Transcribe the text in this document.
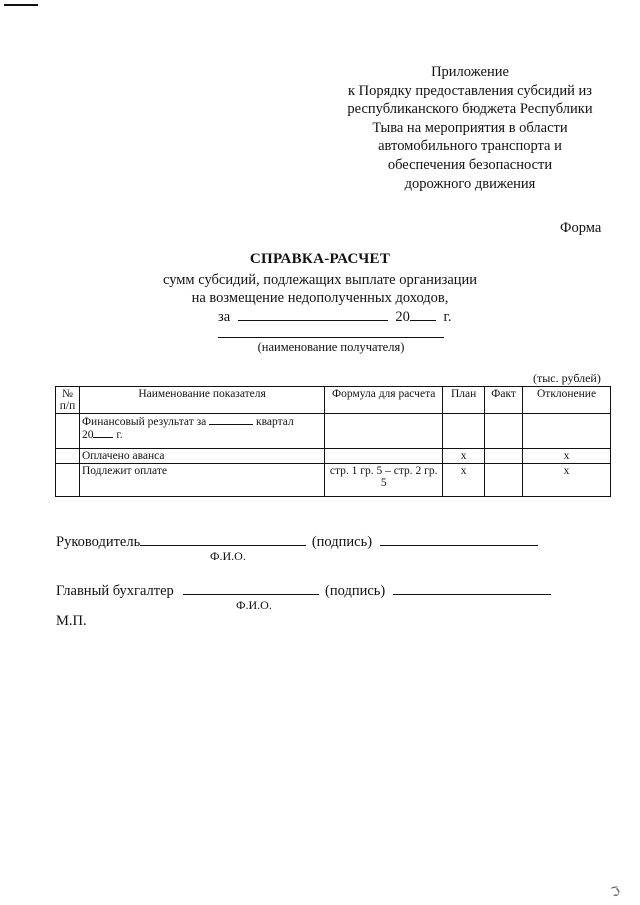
Приложение
к Порядку предоставления субсидий из
республиканского бюджета Республики
Тыва на мероприятия в области
автомобильного транспорта и
обеспечения безопасности
дорожного движения
Форма
СПРАВКА-РАСЧЕТ
сумм субсидий, подлежащих выплате организации
на возмещение недополученных доходов,
за	20 г.
(наименование получателя)
(тыс. рублей)
№ п/п	Наименование показателя	Формула для расчета	План	Факт	Отклонение
	Финансовый результат за квартал
20 г.				
	Оплачено аванса		х		х
	Подлежит оплате	стр. 1 гр. 5 – стр. 2 гр. 5	х		х
Руководитель	(подпись)
Ф.И.О.
Главный бухгалтер	(подпись)
Ф.И.О.
М.П.
ℑ
